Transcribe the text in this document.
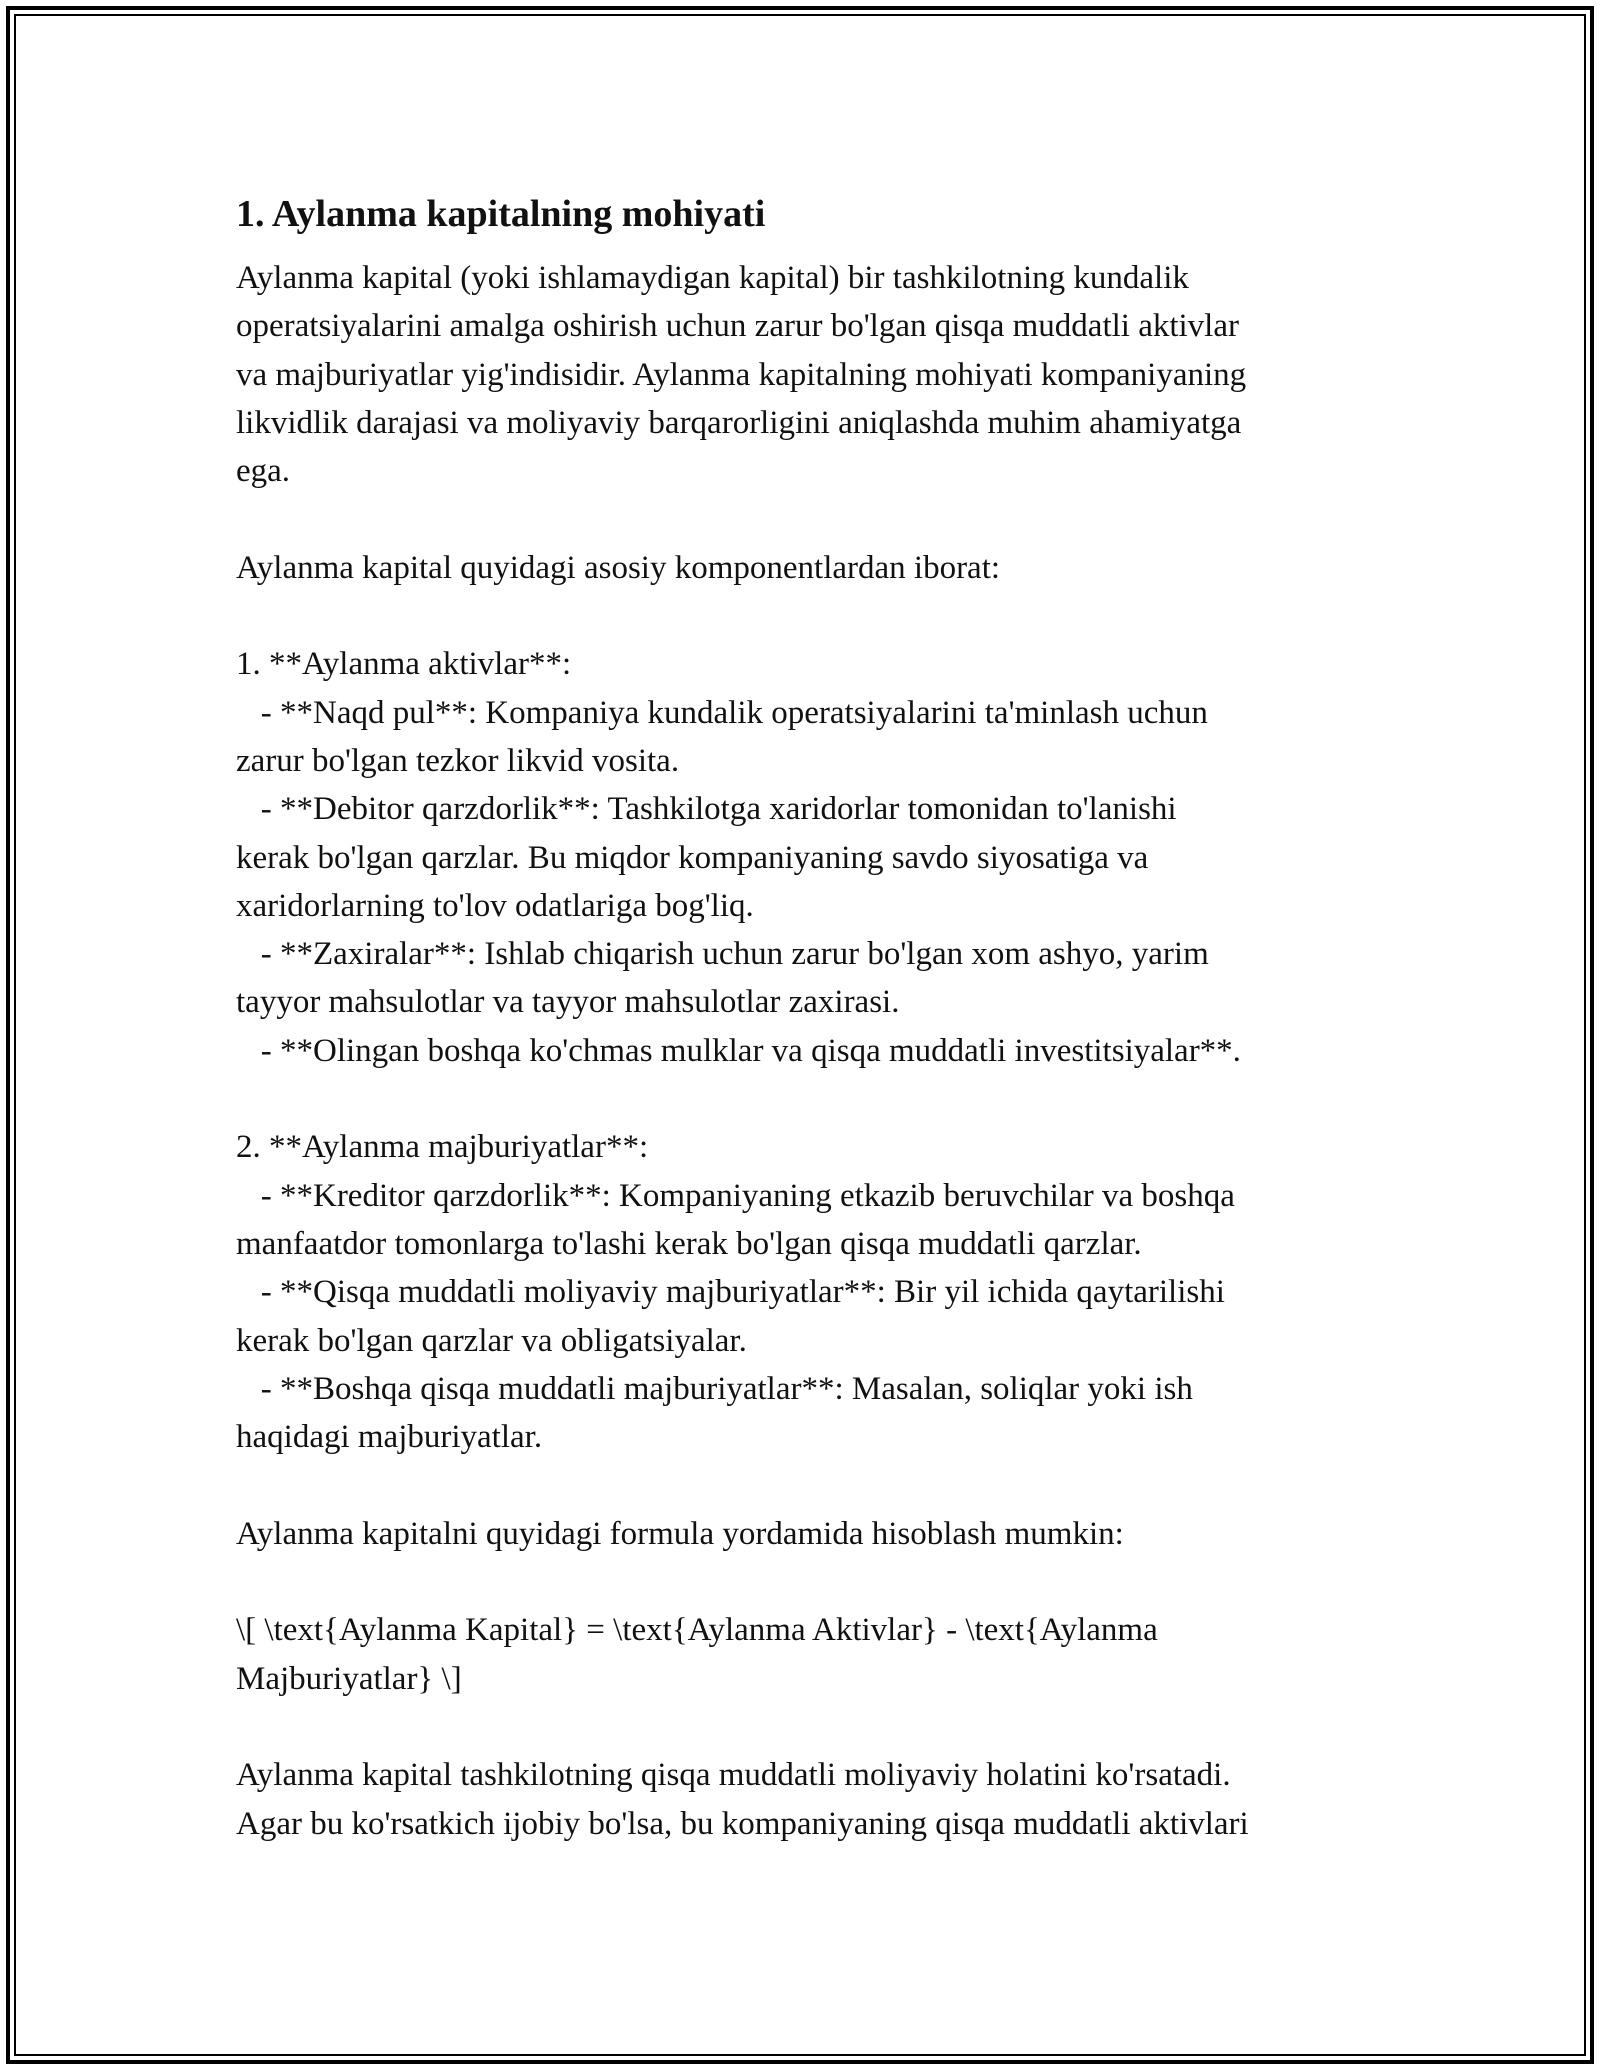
1. Aylanma kapitalning mohiyati
Aylanma kapital (yoki ishlamaydigan kapital) bir tashkilotning kundalik
operatsiyalarini amalga oshirish uchun zarur bo'lgan qisqa muddatli aktivlar
va majburiyatlar yig'indisidir. Aylanma kapitalning mohiyati kompaniyaning
likvidlik darajasi va moliyaviy barqarorligini aniqlashda muhim ahamiyatga
ega.
Aylanma kapital quyidagi asosiy komponentlardan iborat:
1. **Aylanma aktivlar**:
- **Naqd pul**: Kompaniya kundalik operatsiyalarini ta'minlash uchun
zarur bo'lgan tezkor likvid vosita.
- **Debitor qarzdorlik**: Tashkilotga xaridorlar tomonidan to'lanishi
kerak bo'lgan qarzlar. Bu miqdor kompaniyaning savdo siyosatiga va
xaridorlarning to'lov odatlariga bog'liq.
- **Zaxiralar**: Ishlab chiqarish uchun zarur bo'lgan xom ashyo, yarim
tayyor mahsulotlar va tayyor mahsulotlar zaxirasi.
- **Olingan boshqa ko'chmas mulklar va qisqa muddatli investitsiyalar**.
2. **Aylanma majburiyatlar**:
- **Kreditor qarzdorlik**: Kompaniyaning etkazib beruvchilar va boshqa
manfaatdor tomonlarga to'lashi kerak bo'lgan qisqa muddatli qarzlar.
- **Qisqa muddatli moliyaviy majburiyatlar**: Bir yil ichida qaytarilishi
kerak bo'lgan qarzlar va obligatsiyalar.
- **Boshqa qisqa muddatli majburiyatlar**: Masalan, soliqlar yoki ish
haqidagi majburiyatlar.
Aylanma kapitalni quyidagi formula yordamida hisoblash mumkin:
\[ \text{Aylanma Kapital} = \text{Aylanma Aktivlar} - \text{Aylanma
Majburiyatlar} \]
Aylanma kapital tashkilotning qisqa muddatli moliyaviy holatini ko'rsatadi.
Agar bu ko'rsatkich ijobiy bo'lsa, bu kompaniyaning qisqa muddatli aktivlari
